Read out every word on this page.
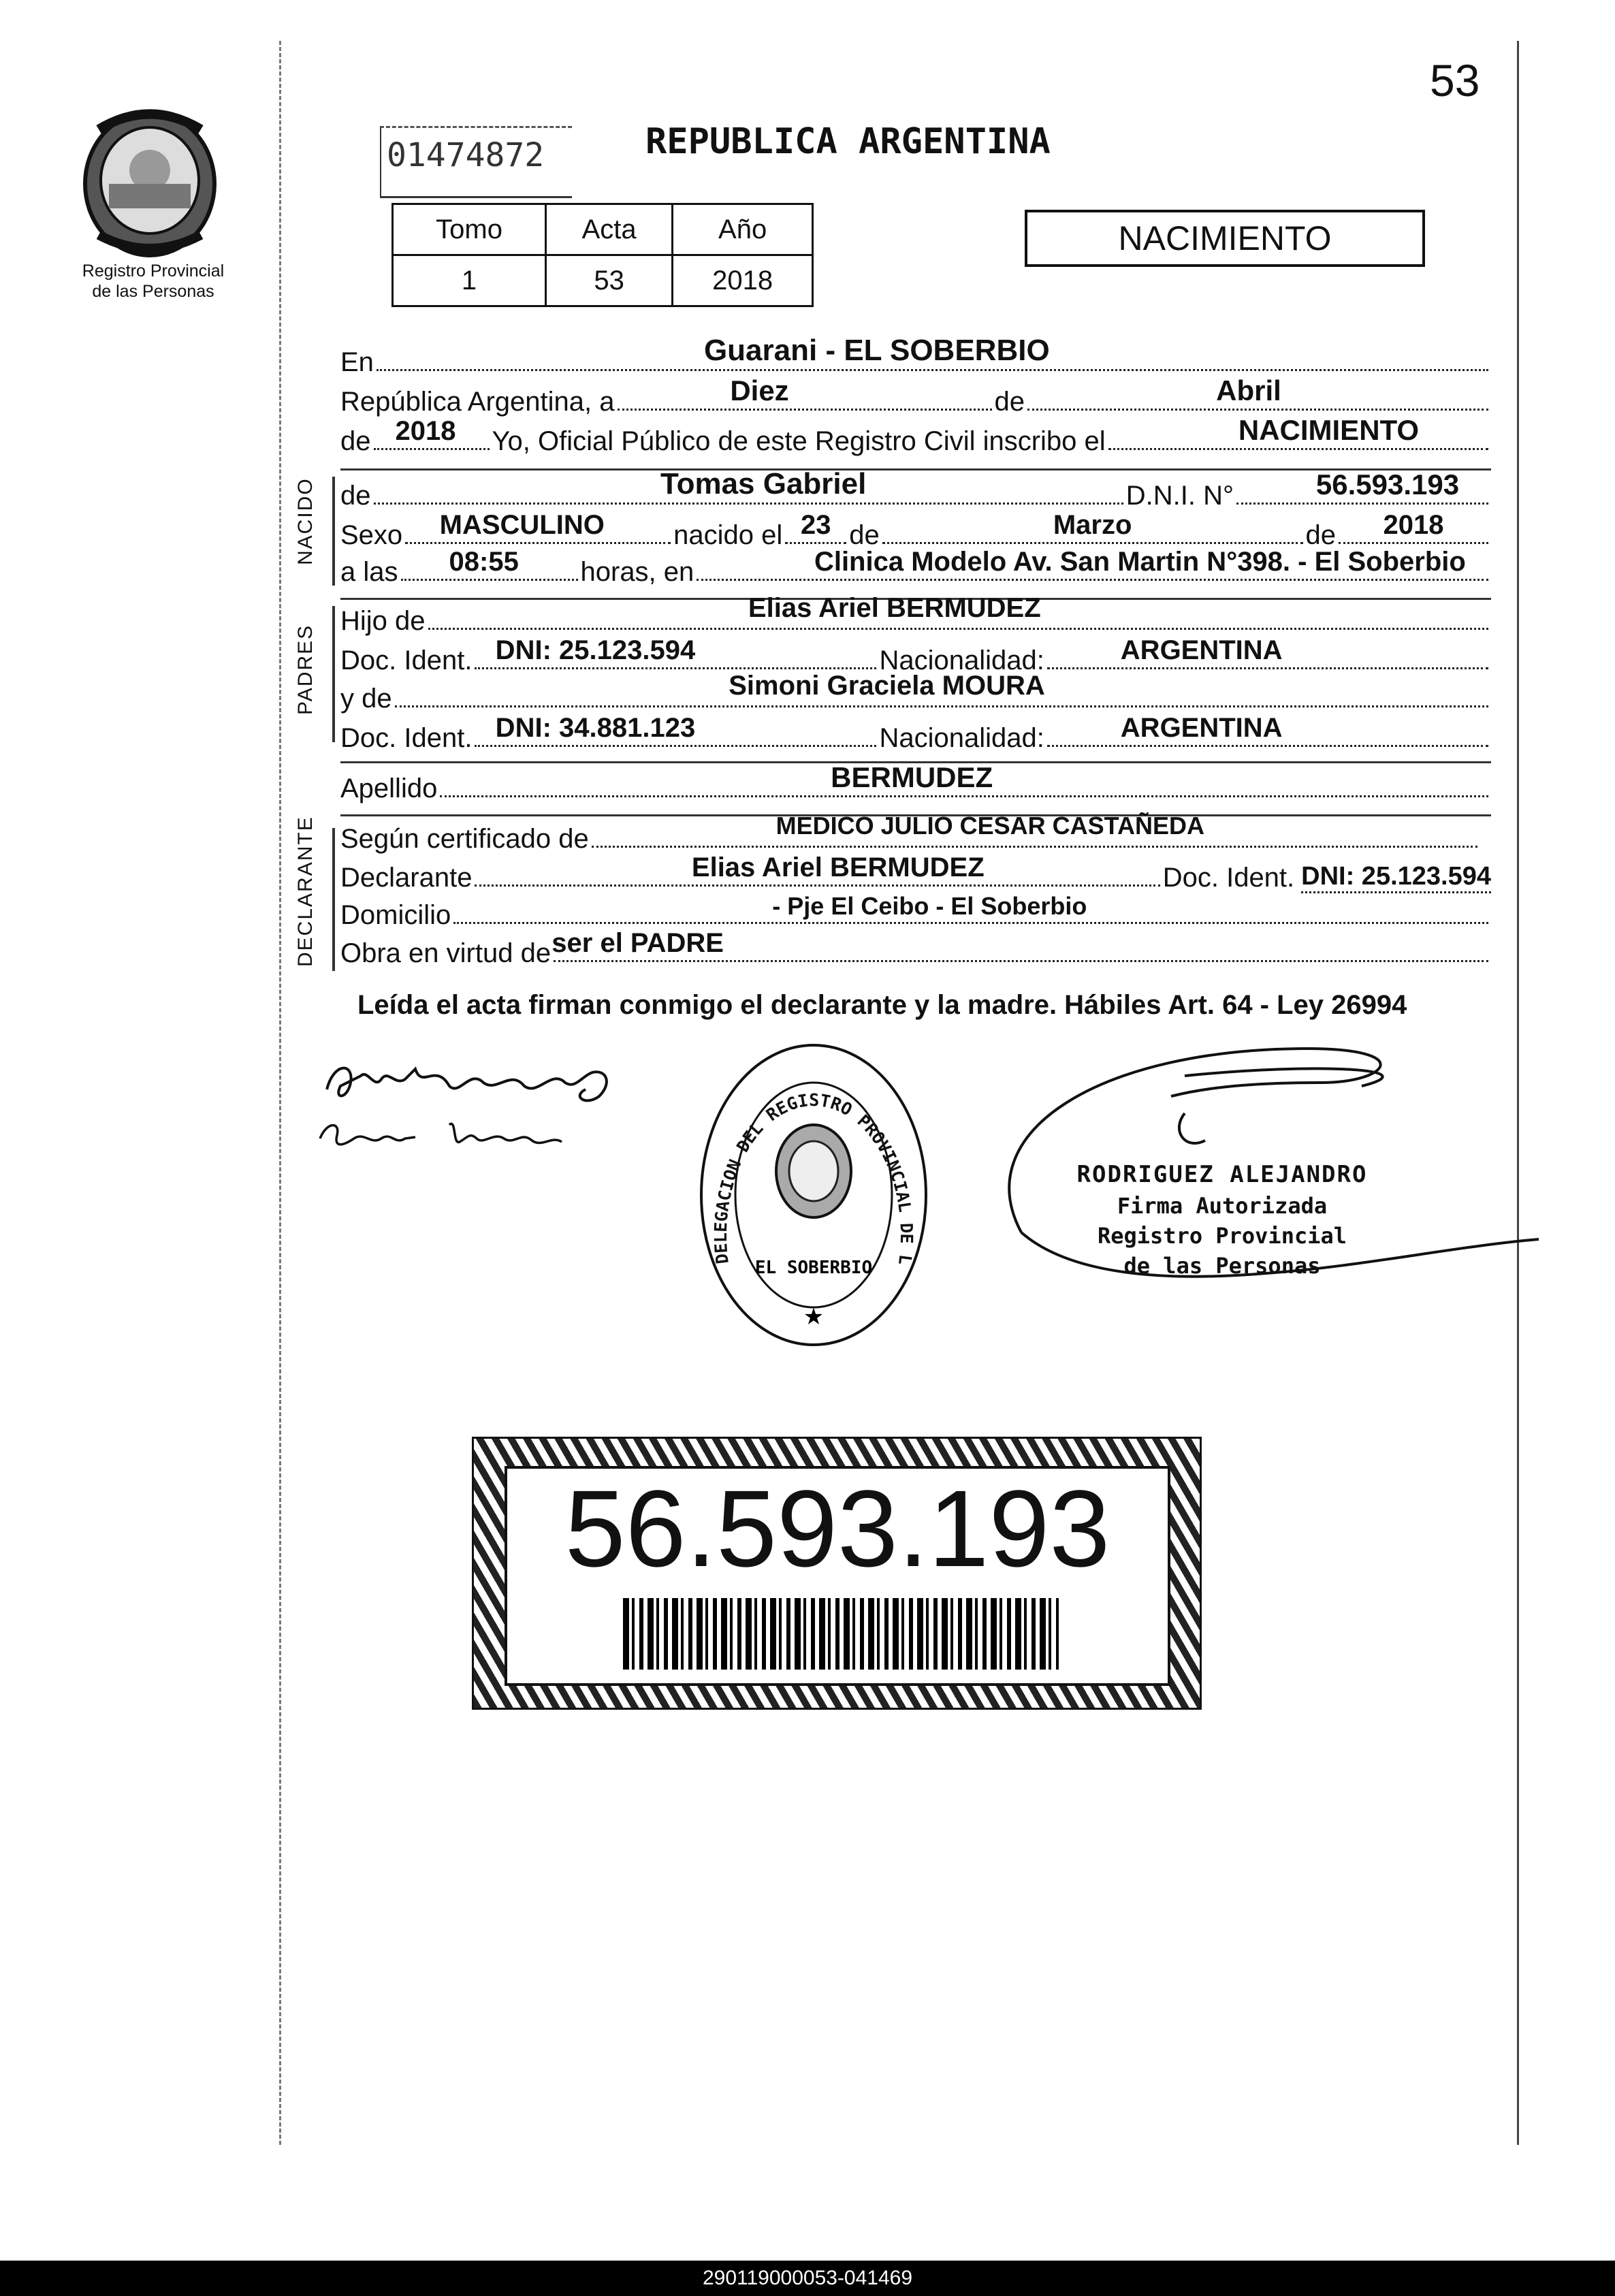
53
Registro Provincial
de las Personas
01474872	REPUBLICA ARGENTINA
Tomo	Acta	Año
1	53	2018
NACIMIENTO
En	Guarani - EL SOBERBIO
República Argentina, a	Diez	de	Abril
de 2018 Yo, Oficial Público de este Registro Civil inscribo el	NACIMIENTO
NACIDO de	Tomas Gabriel	D.N.I. N°	56.593.193
Sexo MASCULINO	nacido el 23 de	Marzo	de 2018
a las 08:55 horas, en	Clinica Modelo Av. San Martin N°398. - El Soberbio
PADRES
Hijo de	Elias Ariel BERMUDEZ
Doc. Ident. DNI: 25.123.594	Nacionalidad:	ARGENTINA
y de	Simoni Graciela MOURA
Doc. Ident. DNI: 34.881.123	Nacionalidad:	ARGENTINA
Apellido	BERMUDEZ
DECLARANTE Según certificado de	MEDICO JULIO CESAR CASTAÑEDA
Declarante	Elias Ariel BERMUDEZ	Doc. Ident. DNI: 25.123.594
Domicilio	- Pje El Ceibo - El Soberbio
Obra en virtud de ser el PADRE
Leída el acta firman conmigo el declarante y la madre. Hábiles Art. 64 - Ley 26994
DELEGACION DEL REGISTRO PROVINCIAL DE L
EL SOBERBIO
★
RODRIGUEZ ALEJANDRO
Firma Autorizada
Registro Provincial
de las Personas
56.593.193
290119000053-041469
